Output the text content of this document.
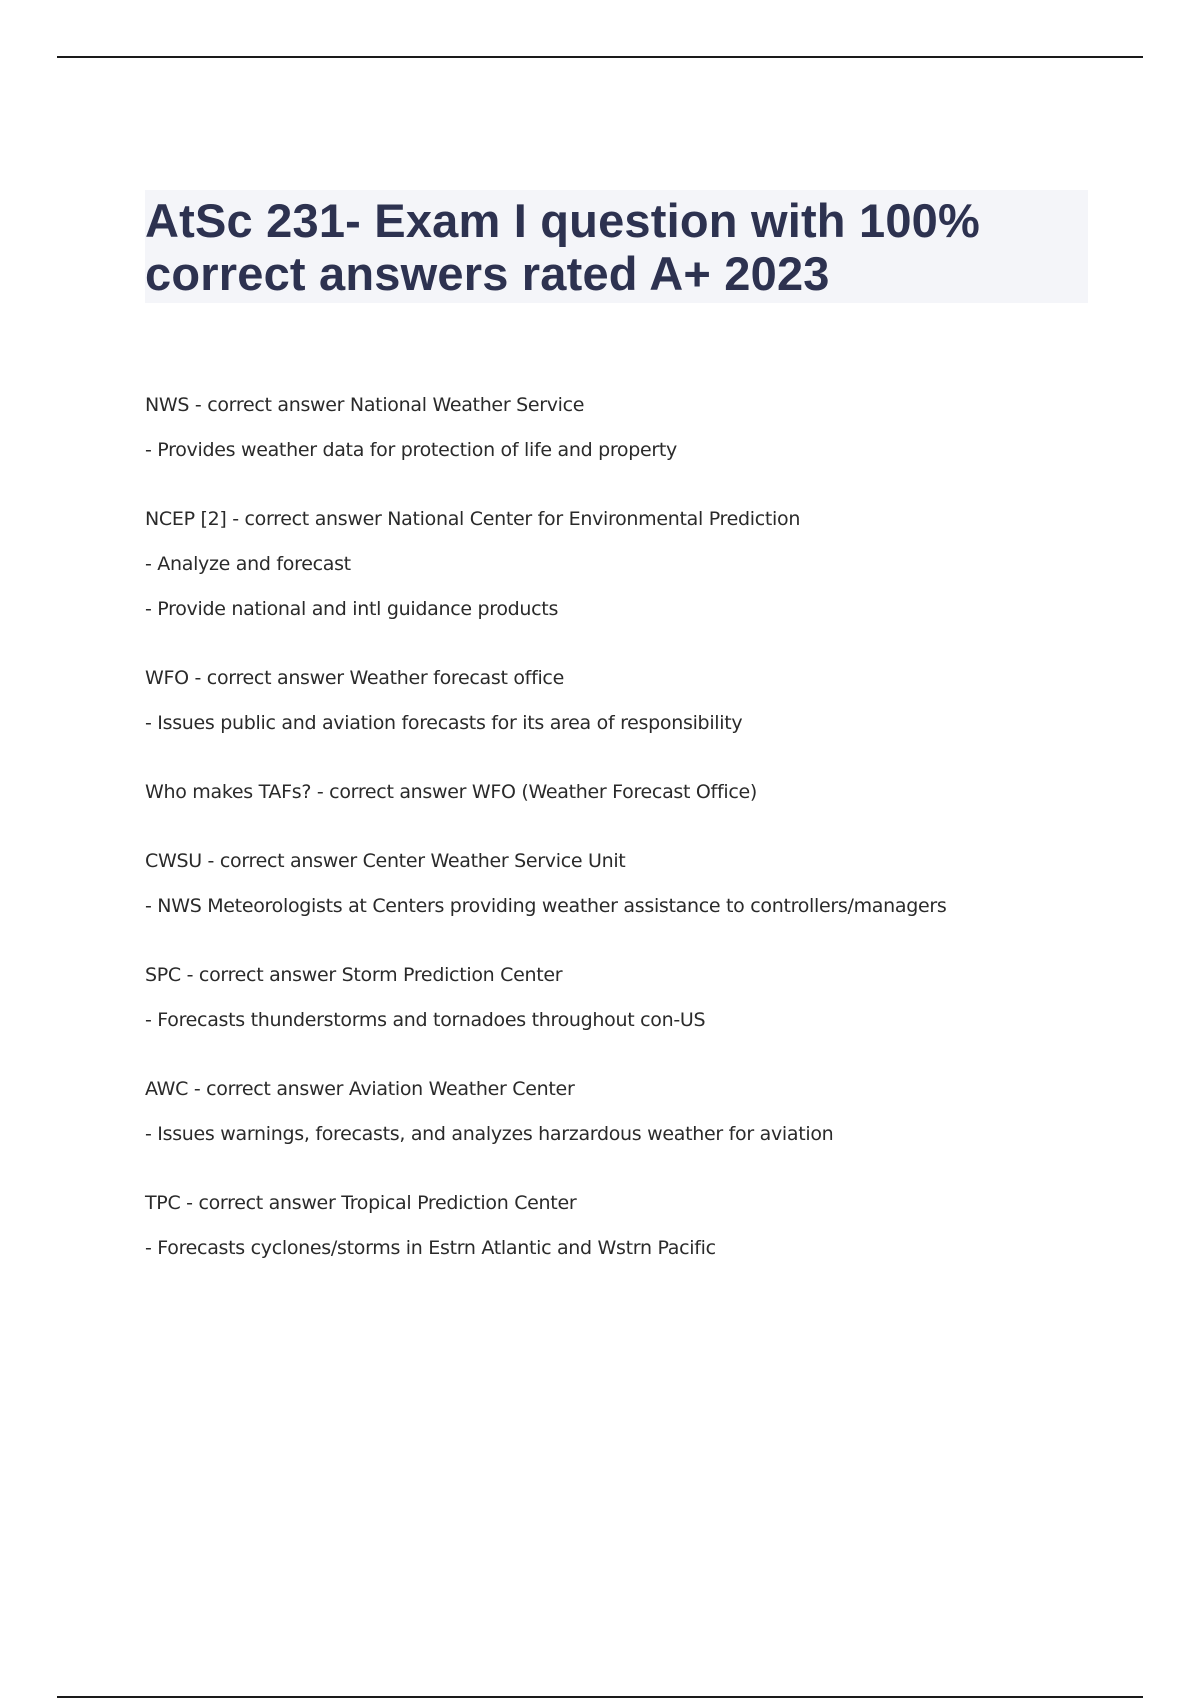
AtSc 231- Exam I question with 100%
correct answers rated A+ 2023

NWS - correct answer National Weather Service

- Provides weather data for protection of life and property

NCEP [2] - correct answer National Center for Environmental Prediction

- Analyze and forecast

- Provide national and intl guidance products

WFO - correct answer Weather forecast office

- Issues public and aviation forecasts for its area of responsibility

Who makes TAFs? - correct answer WFO (Weather Forecast Office)

CWSU - correct answer Center Weather Service Unit

- NWS Meteorologists at Centers providing weather assistance to controllers/managers

SPC - correct answer Storm Prediction Center

- Forecasts thunderstorms and tornadoes throughout con-US

AWC - correct answer Aviation Weather Center

- Issues warnings, forecasts, and analyzes harzardous weather for aviation

TPC - correct answer Tropical Prediction Center

- Forecasts cyclones/storms in Estrn Atlantic and Wstrn Pacific
